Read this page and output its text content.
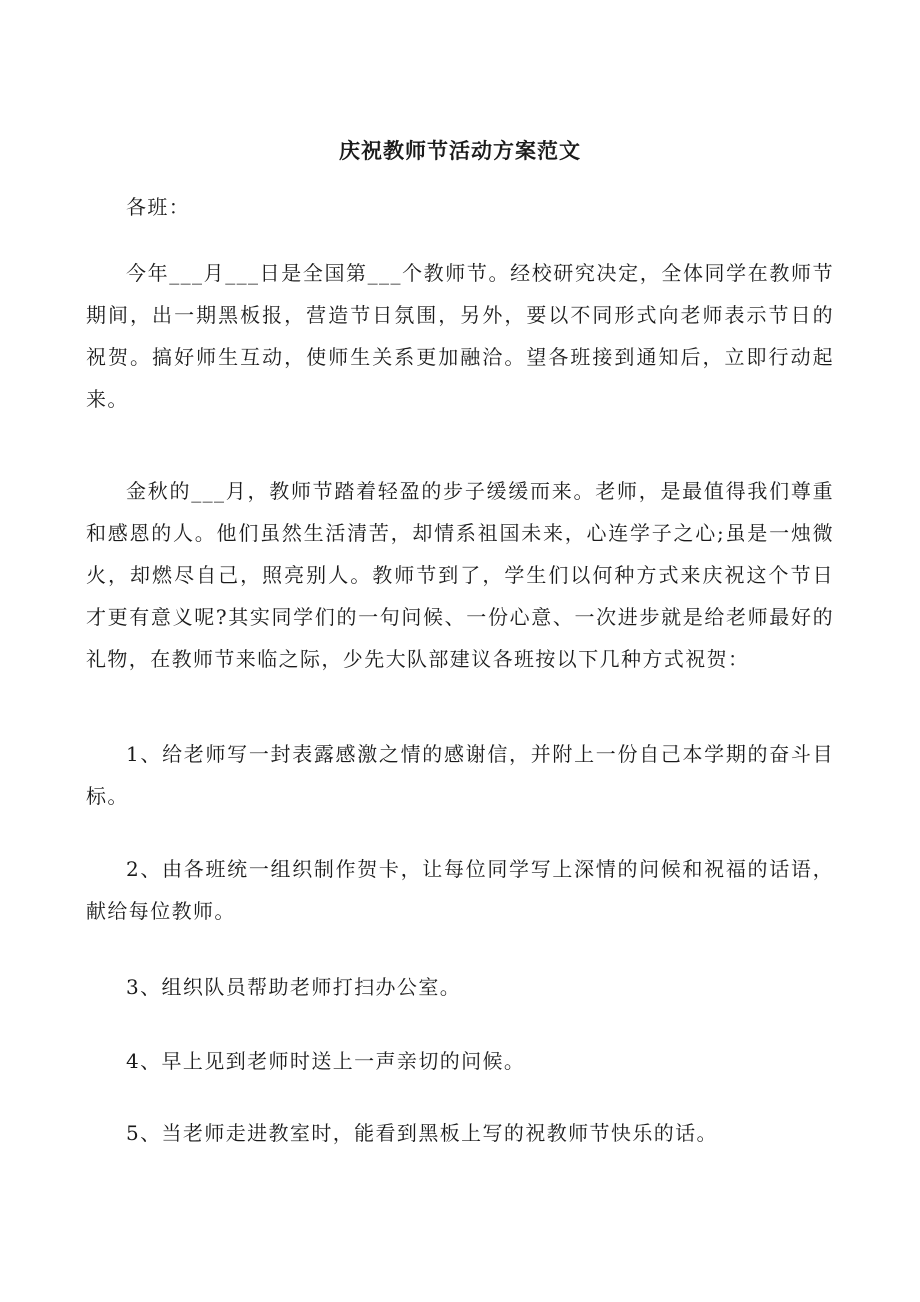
庆祝教师节活动方案范文

各班：

今年___月___日是全国第___个教师节。经校研究决定，全体同学在教师节期间，出一期黑板报，营造节日氛围，另外，要以不同形式向老师表示节日的祝贺。搞好师生互动，使师生关系更加融洽。望各班接到通知后，立即行动起来。

金秋的___月，教师节踏着轻盈的步子缓缓而来。老师，是最值得我们尊重和感恩的人。他们虽然生活清苦，却情系祖国未来，心连学子之心;虽是一烛微火，却燃尽自己，照亮别人。教师节到了，学生们以何种方式来庆祝这个节日才更有意义呢?其实同学们的一句问候、一份心意、一次进步就是给老师最好的礼物，在教师节来临之际，少先大队部建议各班按以下几种方式祝贺：

1、给老师写一封表露感激之情的感谢信，并附上一份自己本学期的奋斗目标。

2、由各班统一组织制作贺卡，让每位同学写上深情的问候和祝福的话语，献给每位教师。

3、组织队员帮助老师打扫办公室。

4、早上见到老师时送上一声亲切的问候。

5、当老师走进教室时，能看到黑板上写的祝教师节快乐的话。
